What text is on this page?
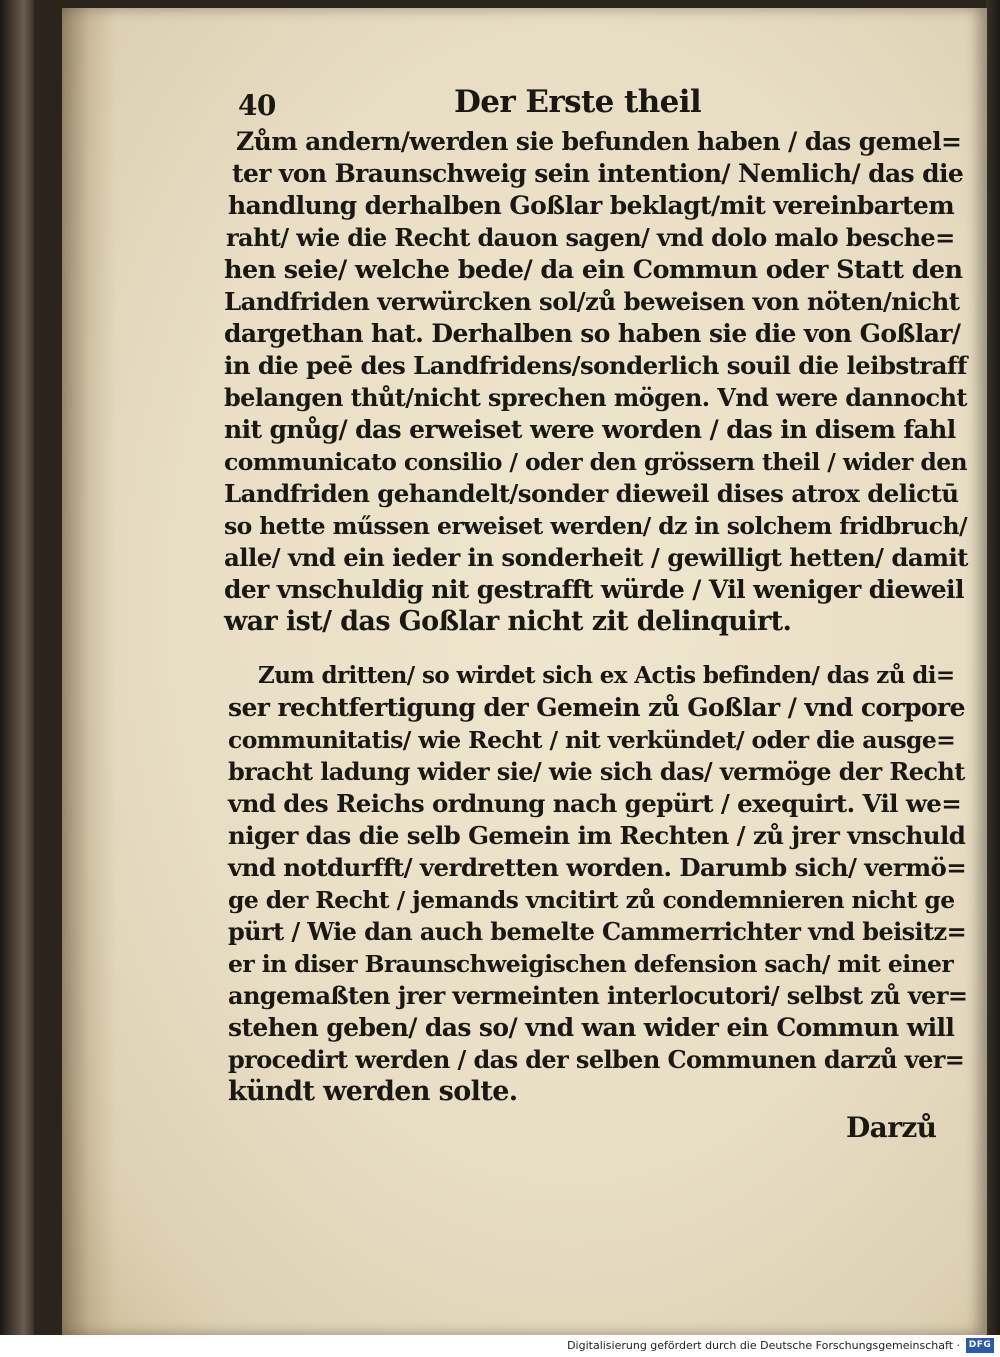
40	Der Erste theil

Zům andern/werden sie befunden haben / das gemel=

ter von Braunschweig sein intention/ Nemlich/ das die

handlung derhalben Goßlar beklagt/mit vereinbartem

raht/ wie die Recht dauon sagen/ vnd dolo malo besche=

hen seie/ welche bede/ da ein Commun oder Statt den

Landfriden verwürcken sol/zů beweisen von nöten/nicht

dargethan hat. Derhalben so haben sie die von Goßlar/

in die peē des Landfridens/sonderlich souil die leibstraff

belangen thůt/nicht sprechen mögen. Vnd were dannocht

nit gnůg/ das erweiset were worden / das in disem fahl

communicato consilio / oder den grössern theil / wider den

Landfriden gehandelt/sonder dieweil dises atrox delictū

so hette műssen erweiset werden/ dz in solchem fridbruch/

alle/ vnd ein ieder in sonderheit / gewilligt hetten/ damit

der vnschuldig nit gestrafft würde / Vil weniger dieweil

war ist/ das Goßlar nicht zit delinquirt.

Zum dritten/ so wirdet sich ex Actis befinden/ das zů di=

ser rechtfertigung der Gemein zů Goßlar / vnd corpore

communitatis/ wie Recht / nit verkündet/ oder die ausge=

bracht ladung wider sie/ wie sich das/ vermöge der Recht

vnd des Reichs ordnung nach gepürt / exequirt. Vil we=

niger das die selb Gemein im Rechten / zů jrer vnschuld

vnd notdurfft/ verdretten worden. Darumb sich/ vermö=

ge der Recht / jemands vncitirt zů condemnieren nicht ge

pürt / Wie dan auch bemelte Cammerrichter vnd beisitz=

er in diser Braunschweigischen defension sach/ mit einer

angemaßten jrer vermeinten interlocutori/ selbst zů ver=

stehen geben/ das so/ vnd wan wider ein Commun will

procedirt werden / das der selben Communen darzů ver=

kündt werden solte.

Darzů

Digitalisierung gefördert durch die Deutsche Forschungsgemeinschaft · DFG
